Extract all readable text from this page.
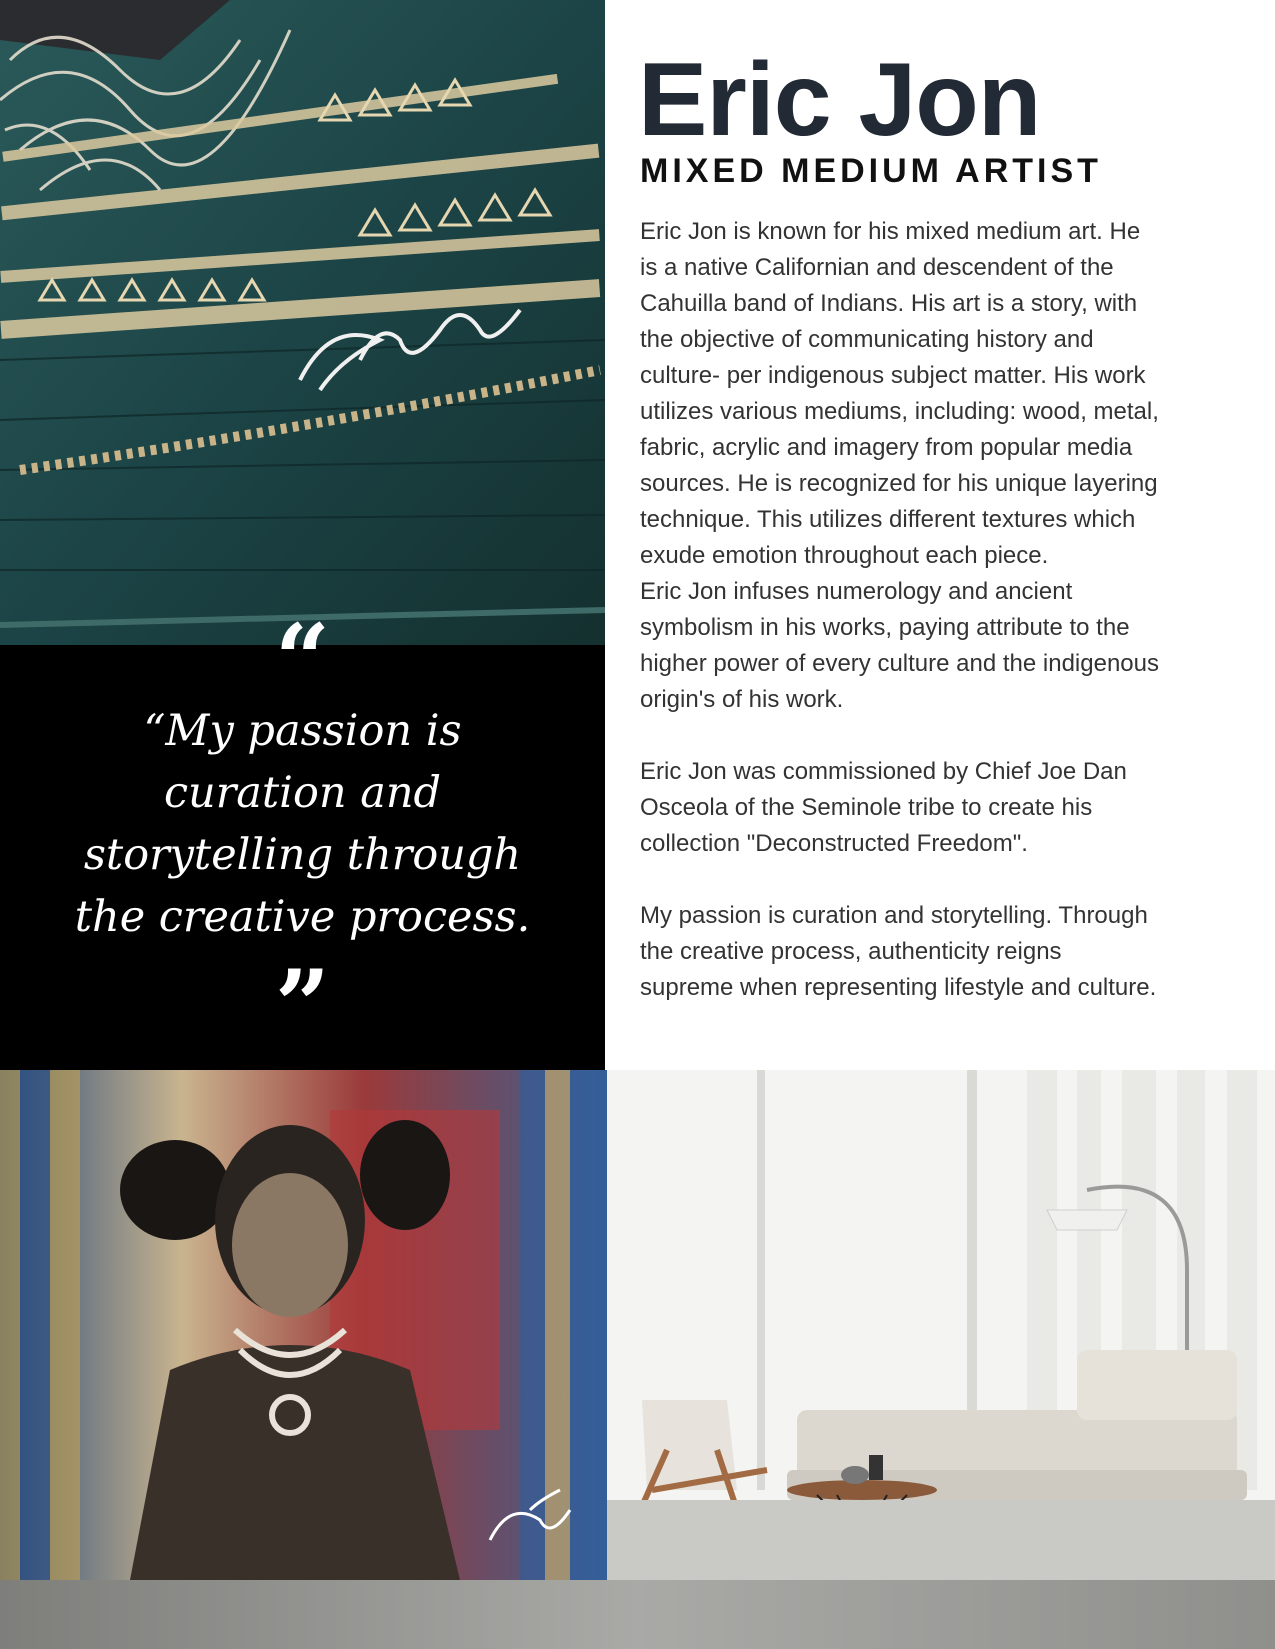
“

“My passion is curation and storytelling through the creative process.

”
Eric Jon
MIXED MEDIUM ARTIST

Eric Jon is known for his mixed medium art. He is a native Californian and descendent of the Cahuilla band of Indians. His art is a story, with the objective of communicating history and culture- per indigenous subject matter. His work utilizes various mediums, including: wood, metal, fabric, acrylic and imagery from popular media sources. He is recognized for his unique layering technique. This utilizes different textures which exude emotion throughout each piece.

Eric Jon infuses numerology and ancient symbolism in his works, paying attribute to the higher power of every culture and the indigenous origin's of his work.

Eric Jon was commissioned by Chief Joe Dan Osceola of the Seminole tribe to create his collection "Deconstructed Freedom".

My passion is curation and storytelling. Through the creative process, authenticity reigns supreme when representing lifestyle and culture.
